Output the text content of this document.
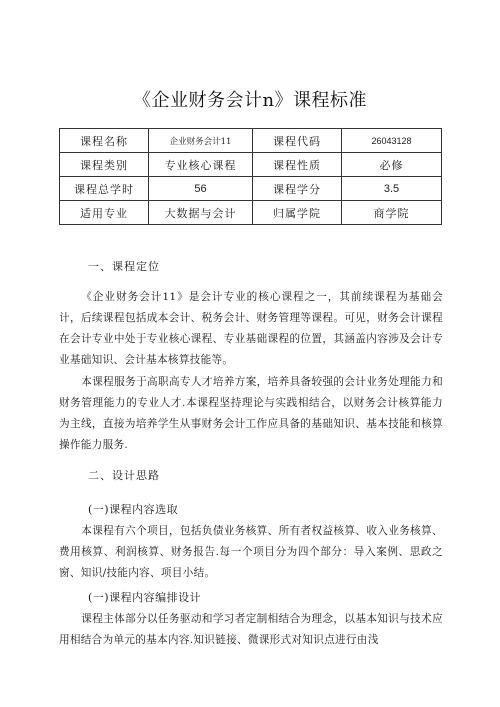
《企业财务会计n》课程标准
课程名称	企业财务会计11	课程代码	26043128
课程类别	专业核心课程	课程性质	必修
课程总学时	56	课程学分	3.5
适用专业	大数据与会计	归属学院	商学院
一、课程定位

《企业财务会计11》是会计专业的核心课程之一，其前续课程为基础会计，后续课程包括成本会计、税务会计、财务管理等课程。可见，财务会计课程在会计专业中处于专业核心课程、专业基础课程的位置，其涵盖内容涉及会计专业基础知识、会计基本核算技能等。

本课程服务于高职高专人才培养方案，培养具备较强的会计业务处理能力和财务管理能力的专业人才.本课程坚持理论与实践相结合，以财务会计核算能力为主线，直接为培养学生从事财务会计工作应具备的基础知识、基本技能和核算操作能力服务.

二、设计思路
(一)课程内容选取

本课程有六个项目，包括负债业务核算、所有者权益核算、收入业务核算、费用核算、利润核算、财务报告.每一个项目分为四个部分：导入案例、思政之窗、知识/技能内容、项目小结。

(一)课程内容编排设计

课程主体部分以任务驱动和学习者定制相结合为理念，以基本知识与技术应用相结合为单元的基本内容.知识链接、微课形式对知识点进行由浅
